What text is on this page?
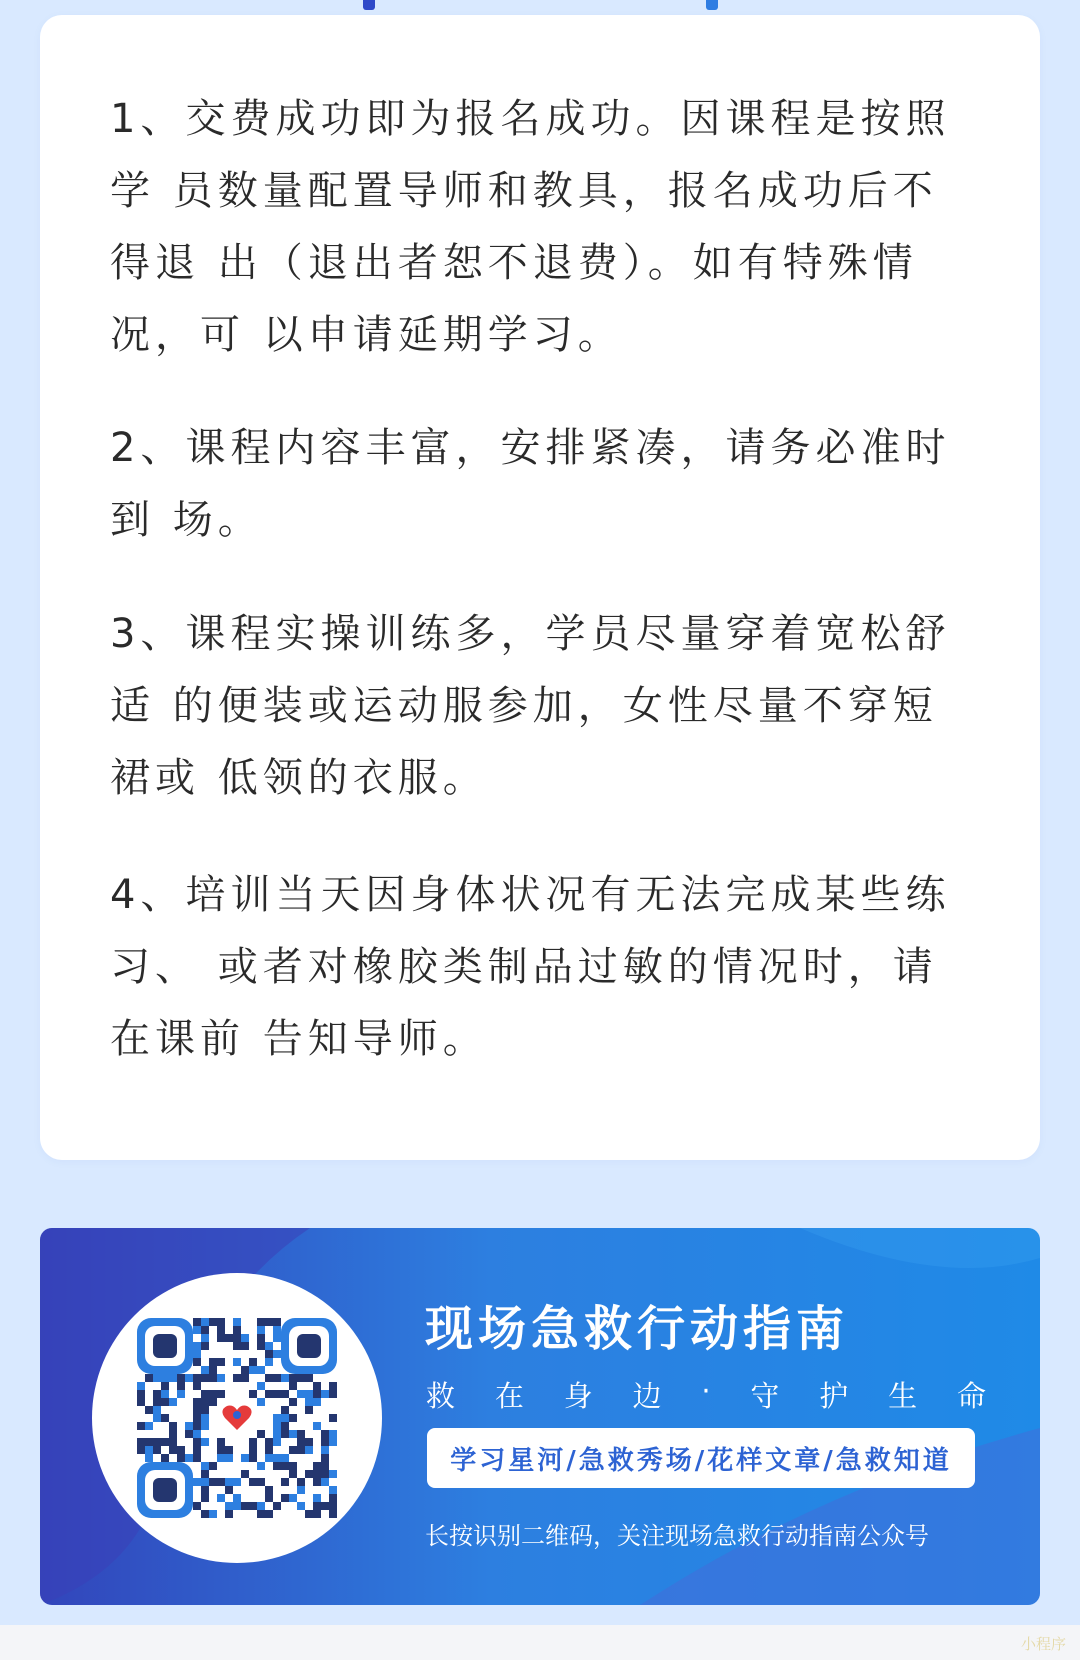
1、交费成功即为报名成功。因课程是按照学 员数量配置导师和教具，报名成功后不得退 出（退出者恕不退费）。如有特殊情况，可 以申请延期学习。

2、课程内容丰富，安排紧凑，请务必准时到 场。

3、课程实操训练多，学员尽量穿着宽松舒适 的便装或运动服参加，女性尽量不穿短裙或 低领的衣服。

4、培训当天因身体状况有无法完成某些练习、 或者对橡胶类制品过敏的情况时，请在课前 告知导师。

现场急救行动指南
救 在 身 边 · 守 护 生 命
学习星河/急救秀场/花样文章/急救知道
长按识别二维码，关注现场急救行动指南公众号
小程序
